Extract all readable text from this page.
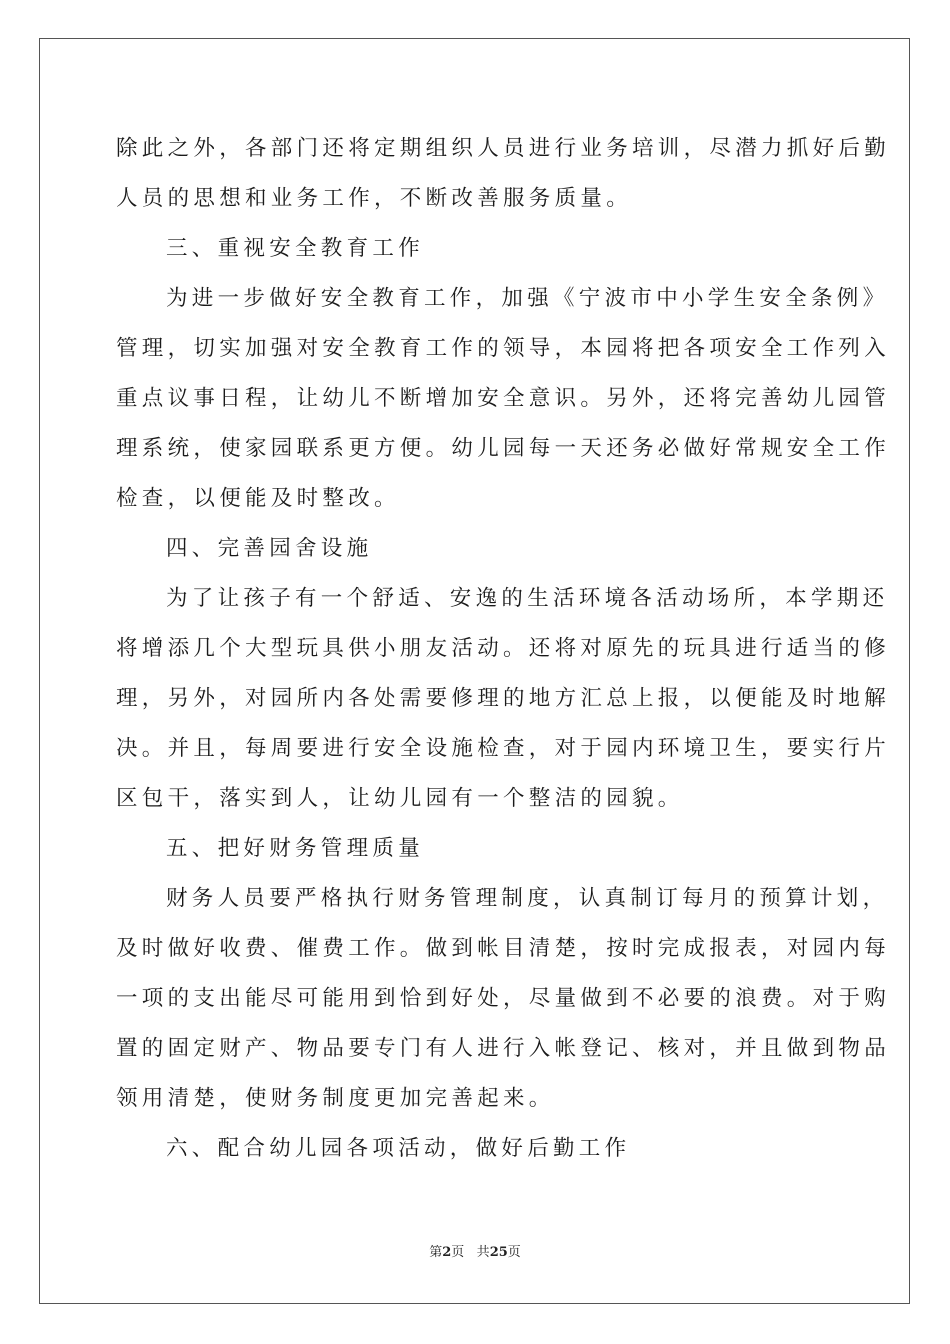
除此之外，各部门还将定期组织人员进行业务培训，尽潜力抓好后勤
人员的思想和业务工作，不断改善服务质量。
三、重视安全教育工作
为进一步做好安全教育工作，加强《宁波市中小学生安全条例》
管理，切实加强对安全教育工作的领导，本园将把各项安全工作列入
重点议事日程，让幼儿不断增加安全意识。另外，还将完善幼儿园管
理系统，使家园联系更方便。幼儿园每一天还务必做好常规安全工作
检查，以便能及时整改。
四、完善园舍设施
为了让孩子有一个舒适、安逸的生活环境各活动场所，本学期还
将增添几个大型玩具供小朋友活动。还将对原先的玩具进行适当的修
理，另外，对园所内各处需要修理的地方汇总上报，以便能及时地解
决。并且，每周要进行安全设施检查，对于园内环境卫生，要实行片
区包干，落实到人，让幼儿园有一个整洁的园貌。
五、把好财务管理质量
财务人员要严格执行财务管理制度，认真制订每月的预算计划，
及时做好收费、催费工作。做到帐目清楚，按时完成报表，对园内每
一项的支出能尽可能用到恰到好处，尽量做到不必要的浪费。对于购
置的固定财产、物品要专门有人进行入帐登记、核对，并且做到物品
领用清楚，使财务制度更加完善起来。
六、配合幼儿园各项活动，做好后勤工作
第2页 共25页
